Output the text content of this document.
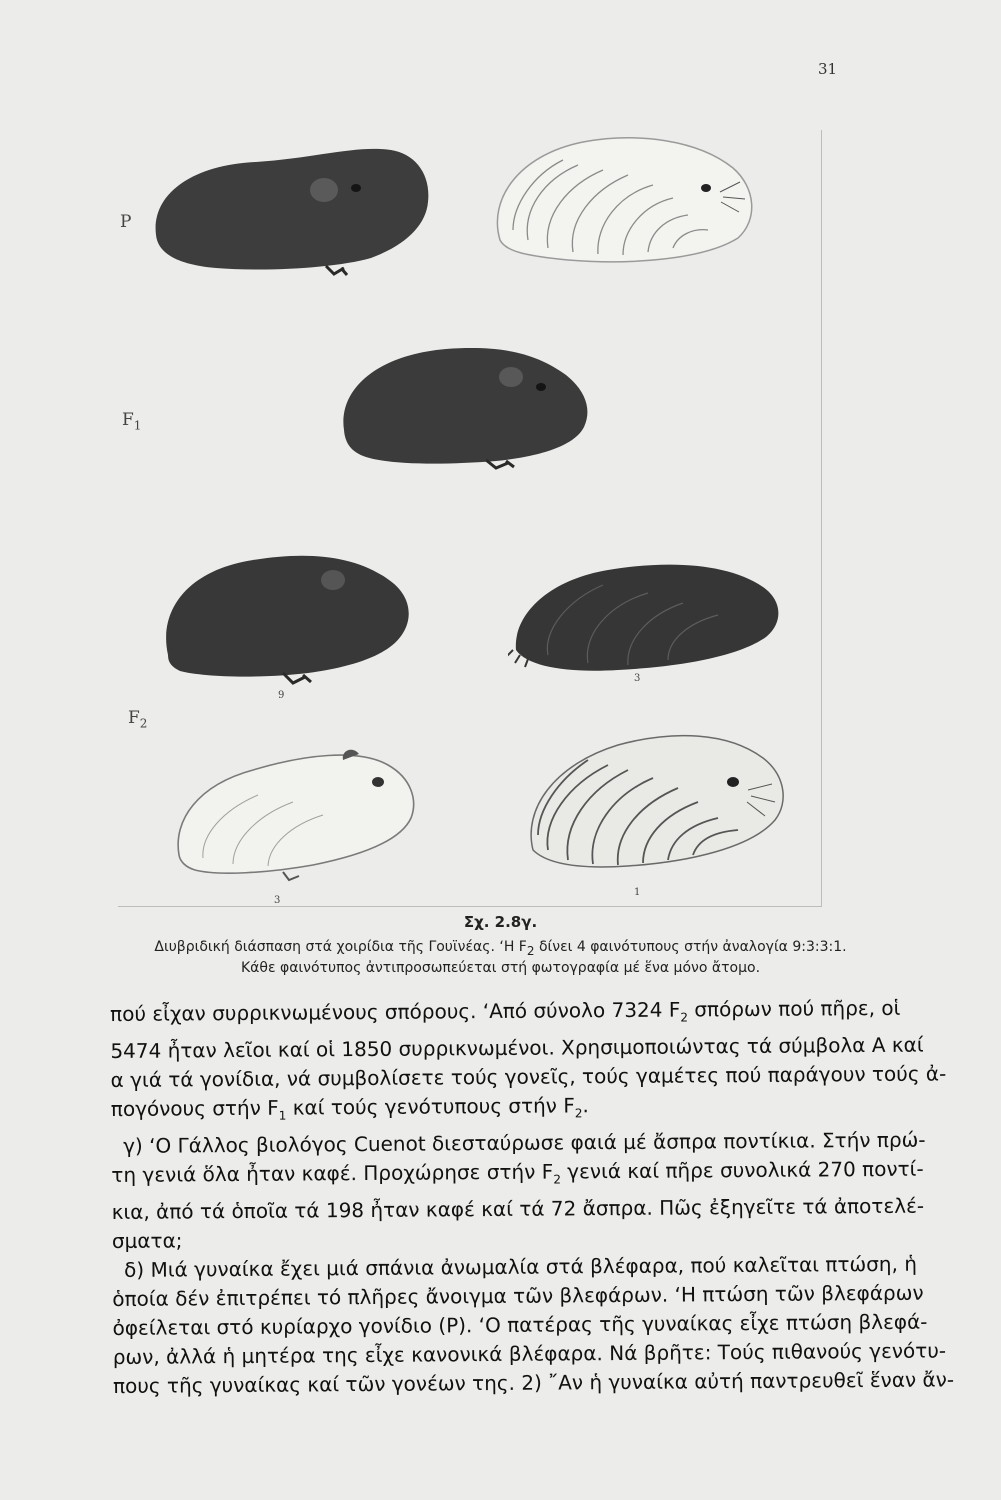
31
P
$F_1$
$F_2$
9
3
3
1
Σχ. 2.8γ.
Διυβριδική διάσπαση στά χοιρίδια τῆς Γουϊνέας. ‘Η $F_2$ δίνει 4 φαινότυπους στήν ἀναλογία 9:3:3:1.
Κάθε φαινότυπος ἀντιπροσωπεύεται στή φωτογραφία μέ ἕνα μόνο ἄτομο.

πού εἶχαν συρρικνωμένους σπόρους. ‘Από σύνολο 7324 $F_2$ σπόρων πού πῆρε, οἱ

5474 ἦταν λεῖοι καί οἱ 1850 συρρικνωμένοι. Χρησιμοποιώντας τά σύμβολα Α καί

α γιά τά γονίδια, νά συμβολίσετε τούς γονεῖς, τούς γαμέτες πού παράγουν τούς ἀ-

πογόνους στήν $F_1$ καί τούς γενότυπους στήν $F_2$.

γ) ‘Ο Γάλλος βιολόγος Cuenot διεσταύρωσε φαιά μέ ἄσπρα ποντίκια. Στήν πρώ-

τη γενιά ὅλα ἦταν καφέ. Προχώρησε στήν $F_2$ γενιά καί πῆρε συνολικά 270 ποντί-

κια, ἀπό τά ὁποῖα τά 198 ἦταν καφέ καί τά 72 ἄσπρα. Πῶς ἐξηγεῖτε τά ἀποτελέ-

σματα;

δ) Μιά γυναίκα ἔχει μιά σπάνια ἀνωμαλία στά βλέφαρα, πού καλεῖται πτώση, ἡ

ὁποία δέν ἐπιτρέπει τό πλῆρες ἄνοιγμα τῶν βλεφάρων. ‘Η πτώση τῶν βλεφάρων

ὀφείλεται στό κυρίαρχο γονίδιο (Ρ). ‘Ο πατέρας τῆς γυναίκας εἶχε πτώση βλεφά-

ρων, ἀλλά ἡ μητέρα της εἶχε κανονικά βλέφαρα. Νά βρῆτε: Τούς πιθανούς γενότυ-

πους τῆς γυναίκας καί τῶν γονέων της. 2) ῎Αν ἡ γυναίκα αὐτή παντρευθεῖ ἕναν ἄν-
